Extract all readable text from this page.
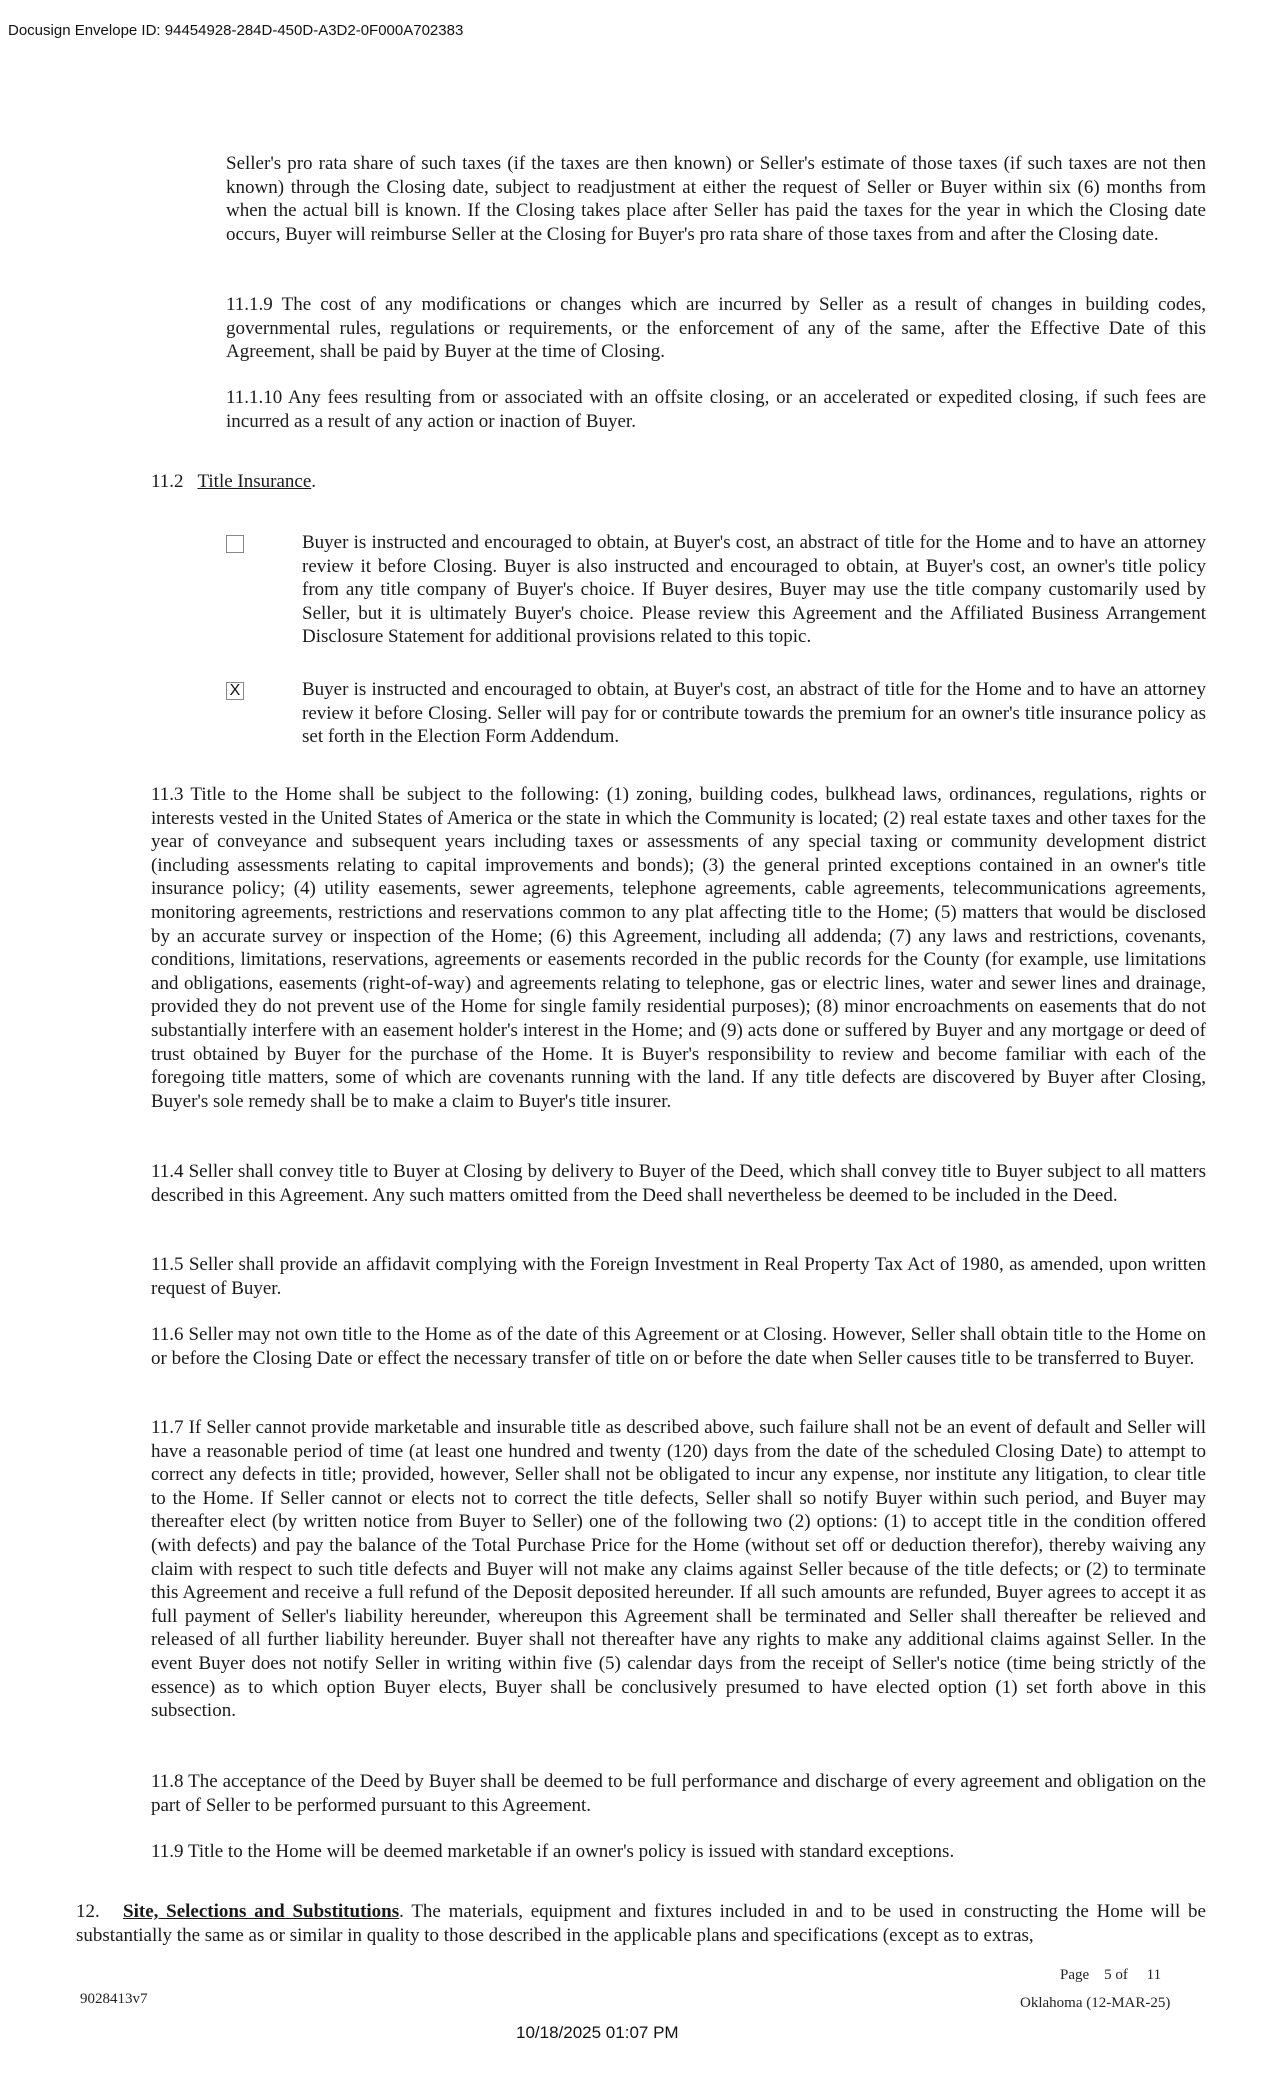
Docusign Envelope ID: 94454928-284D-450D-A3D2-0F000A702383

Seller's pro rata share of such taxes (if the taxes are then known) or Seller's estimate of those taxes (if such taxes are not then known) through the Closing date, subject to readjustment at either the request of Seller or Buyer within six (6) months from when the actual bill is known. If the Closing takes place after Seller has paid the taxes for the year in which the Closing date occurs, Buyer will reimburse Seller at the Closing for Buyer's pro rata share of those taxes from and after the Closing date.

11.1.9 The cost of any modifications or changes which are incurred by Seller as a result of changes in building codes, governmental rules, regulations or requirements, or the enforcement of any of the same, after the Effective Date of this Agreement, shall be paid by Buyer at the time of Closing.

11.1.10 Any fees resulting from or associated with an offsite closing, or an accelerated or expedited closing, if such fees are incurred as a result of any action or inaction of Buyer.

11.2 Title Insurance.
Buyer is instructed and encouraged to obtain, at Buyer's cost, an abstract of title for the Home and to have an attorney review it before Closing. Buyer is also instructed and encouraged to obtain, at Buyer's cost, an owner's title policy from any title company of Buyer's choice. If Buyer desires, Buyer may use the title company customarily used by Seller, but it is ultimately Buyer's choice. Please review this Agreement and the Affiliated Business Arrangement Disclosure Statement for additional provisions related to this topic.
X	Buyer is instructed and encouraged to obtain, at Buyer's cost, an abstract of title for the Home and to have an attorney review it before Closing. Seller will pay for or contribute towards the premium for an owner's title insurance policy as set forth in the Election Form Addendum.

11.3 Title to the Home shall be subject to the following: (1) zoning, building codes, bulkhead laws, ordinances, regulations, rights or interests vested in the United States of America or the state in which the Community is located; (2) real estate taxes and other taxes for the year of conveyance and subsequent years including taxes or assessments of any special taxing or community development district (including assessments relating to capital improvements and bonds); (3) the general printed exceptions contained in an owner's title insurance policy; (4) utility easements, sewer agreements, telephone agreements, cable agreements, telecommunications agreements, monitoring agreements, restrictions and reservations common to any plat affecting title to the Home; (5) matters that would be disclosed by an accurate survey or inspection of the Home; (6) this Agreement, including all addenda; (7) any laws and restrictions, covenants, conditions, limitations, reservations, agreements or easements recorded in the public records for the County (for example, use limitations and obligations, easements (right-of-way) and agreements relating to telephone, gas or electric lines, water and sewer lines and drainage, provided they do not prevent use of the Home for single family residential purposes); (8) minor encroachments on easements that do not substantially interfere with an easement holder's interest in the Home; and (9) acts done or suffered by Buyer and any mortgage or deed of trust obtained by Buyer for the purchase of the Home. It is Buyer's responsibility to review and become familiar with each of the foregoing title matters, some of which are covenants running with the land. If any title defects are discovered by Buyer after Closing, Buyer's sole remedy shall be to make a claim to Buyer's title insurer.

11.4 Seller shall convey title to Buyer at Closing by delivery to Buyer of the Deed, which shall convey title to Buyer subject to all matters described in this Agreement. Any such matters omitted from the Deed shall nevertheless be deemed to be included in the Deed.

11.5 Seller shall provide an affidavit complying with the Foreign Investment in Real Property Tax Act of 1980, as amended, upon written request of Buyer.

11.6 Seller may not own title to the Home as of the date of this Agreement or at Closing. However, Seller shall obtain title to the Home on or before the Closing Date or effect the necessary transfer of title on or before the date when Seller causes title to be transferred to Buyer.

11.7 If Seller cannot provide marketable and insurable title as described above, such failure shall not be an event of default and Seller will have a reasonable period of time (at least one hundred and twenty (120) days from the date of the scheduled Closing Date) to attempt to correct any defects in title; provided, however, Seller shall not be obligated to incur any expense, nor institute any litigation, to clear title to the Home. If Seller cannot or elects not to correct the title defects, Seller shall so notify Buyer within such period, and Buyer may thereafter elect (by written notice from Buyer to Seller) one of the following two (2) options: (1) to accept title in the condition offered (with defects) and pay the balance of the Total Purchase Price for the Home (without set off or deduction therefor), thereby waiving any claim with respect to such title defects and Buyer will not make any claims against Seller because of the title defects; or (2) to terminate this Agreement and receive a full refund of the Deposit deposited hereunder. If all such amounts are refunded, Buyer agrees to accept it as full payment of Seller's liability hereunder, whereupon this Agreement shall be terminated and Seller shall thereafter be relieved and released of all further liability hereunder. Buyer shall not thereafter have any rights to make any additional claims against Seller. In the event Buyer does not notify Seller in writing within five (5) calendar days from the receipt of Seller's notice (time being strictly of the essence) as to which option Buyer elects, Buyer shall be conclusively presumed to have elected option (1) set forth above in this subsection.

11.8 The acceptance of the Deed by Buyer shall be deemed to be full performance and discharge of every agreement and obligation on the part of Seller to be performed pursuant to this Agreement.

11.9 Title to the Home will be deemed marketable if an owner's policy is issued with standard exceptions.

12. Site, Selections and Substitutions. The materials, equipment and fixtures included in and to be used in constructing the Home will be substantially the same as or similar in quality to those described in the applicable plans and specifications (except as to extras,
Page 5 of 11
9028413v7	Oklahoma (12-MAR-25)
10/18/2025 01:07 PM
